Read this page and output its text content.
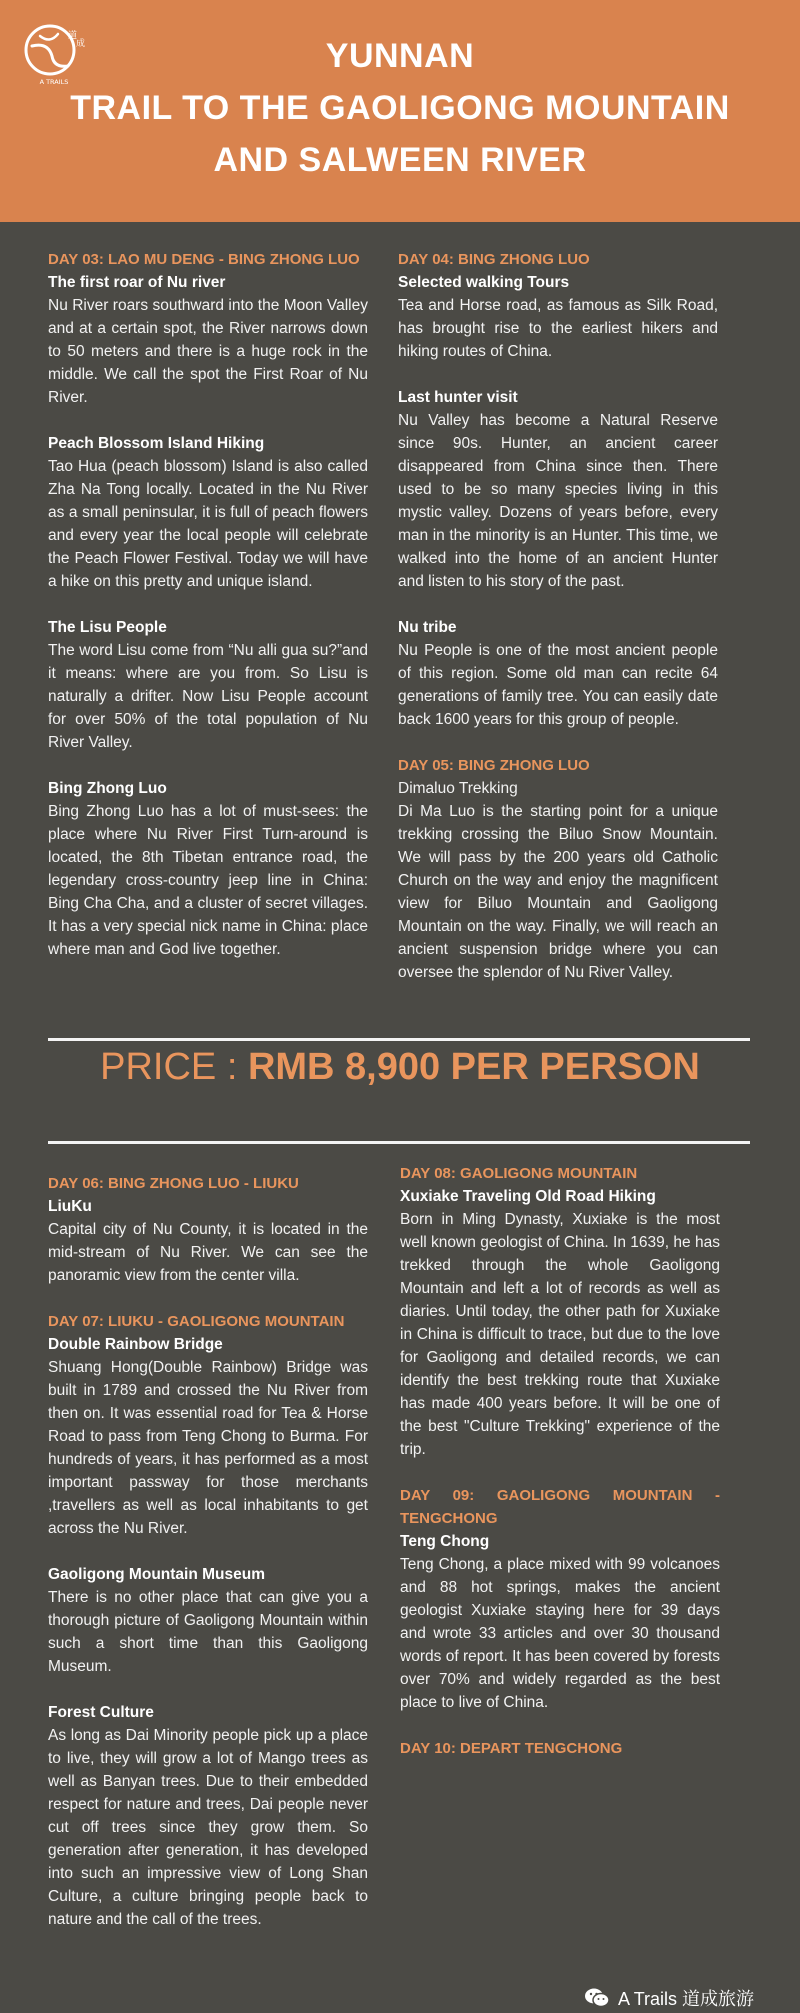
道
成
A TRAILS
YUNNAN
TRAIL TO THE GAOLIGONG MOUNTAIN
AND SALWEEN RIVER
DAY 03: LAO MU DENG - BING ZHONG LUO
The first roar of Nu river

Nu River roars southward into the Moon Valley and at a certain spot, the River narrows down to 50 meters and there is a huge rock in the middle. We call the spot the First Roar of Nu River.

Peach Blossom Island Hiking

Tao Hua (peach blossom) Island is also called Zha Na Tong locally. Located in the Nu River as a small peninsular, it is full of peach flowers and every year the local people will celebrate the Peach Flower Festival. Today we will have a hike on this pretty and unique island.

The Lisu People

The word Lisu come from “Nu alli gua su?”and it means: where are you from. So Lisu is naturally a drifter. Now Lisu People account for over 50% of the total population of Nu River Valley.

Bing Zhong Luo

Bing Zhong Luo has a lot of must-sees: the place where Nu River First Turn-around is located, the 8th Tibetan entrance road, the legendary cross-country jeep line in China: Bing Cha Cha, and a cluster of secret villages. It has a very special nick name in China: place where man and God live together.

DAY 04: BING ZHONG LUO
Selected walking Tours

Tea and Horse road, as famous as Silk Road, has brought rise to the earliest hikers and hiking routes of China.

Last hunter visit

Nu Valley has become a Natural Reserve since 90s. Hunter, an ancient career disappeared from China since then. There used to be so many species living in this mystic valley. Dozens of years before, every man in the minority is an Hunter. This time, we walked into the home of an ancient Hunter and listen to his story of the past.

Nu tribe

Nu People is one of the most ancient people of this region. Some old man can recite 64 generations of family tree. You can easily date back 1600 years for this group of people.

DAY 05: BING ZHONG LUO
Dimaluo Trekking

Di Ma Luo is the starting point for a unique trekking crossing the Biluo Snow Mountain. We will pass by the 200 years old Catholic Church on the way and enjoy the magnificent view for Biluo Mountain and Gaoligong Mountain on the way. Finally, we will reach an ancient suspension bridge where you can oversee the splendor of Nu River Valley.

PRICE : RMB 8,900 PER PERSON
DAY 06: BING ZHONG LUO - LIUKU
LiuKu

Capital city of Nu County, it is located in the mid-stream of Nu River. We can see the panoramic view from the center villa.

DAY 07: LIUKU - GAOLIGONG MOUNTAIN
Double Rainbow Bridge

Shuang Hong(Double Rainbow) Bridge was built in 1789 and crossed the Nu River from then on. It was essential road for Tea & Horse Road to pass from Teng Chong to Burma. For hundreds of years, it has performed as a most important passway for those merchants ,travellers as well as local inhabitants to get across the Nu River.

Gaoligong Mountain Museum

There is no other place that can give you a thorough picture of Gaoligong Mountain within such a short time than this Gaoligong Museum.

Forest Culture

As long as Dai Minority people pick up a place to live, they will grow a lot of Mango trees as well as Banyan trees. Due to their embedded respect for nature and trees, Dai people never cut off trees since they grow them. So generation after generation, it has developed into such an impressive view of Long Shan Culture, a culture bringing people back to nature and the call of the trees.

DAY 08: GAOLIGONG MOUNTAIN
Xuxiake Traveling Old Road Hiking

Born in Ming Dynasty, Xuxiake is the most well known geologist of China. In 1639, he has trekked through the whole Gaoligong Mountain and left a lot of records as well as diaries. Until today, the other path for Xuxiake in China is difficult to trace, but due to the love for Gaoligong and detailed records, we can identify the best trekking route that Xuxiake has made 400 years before. It will be one of the best "Culture Trekking" experience of the trip.

DAY 09: GAOLIGONG MOUNTAIN - TENGCHONG
Teng Chong

Teng Chong, a place mixed with 99 volcanoes and 88 hot springs, makes the ancient geologist Xuxiake staying here for 39 days and wrote 33 articles and over 30 thousand words of report. It has been covered by forests over 70% and widely regarded as the best place to live of China.

DAY 10: DEPART TENGCHONG
A Trails 道成旅游
